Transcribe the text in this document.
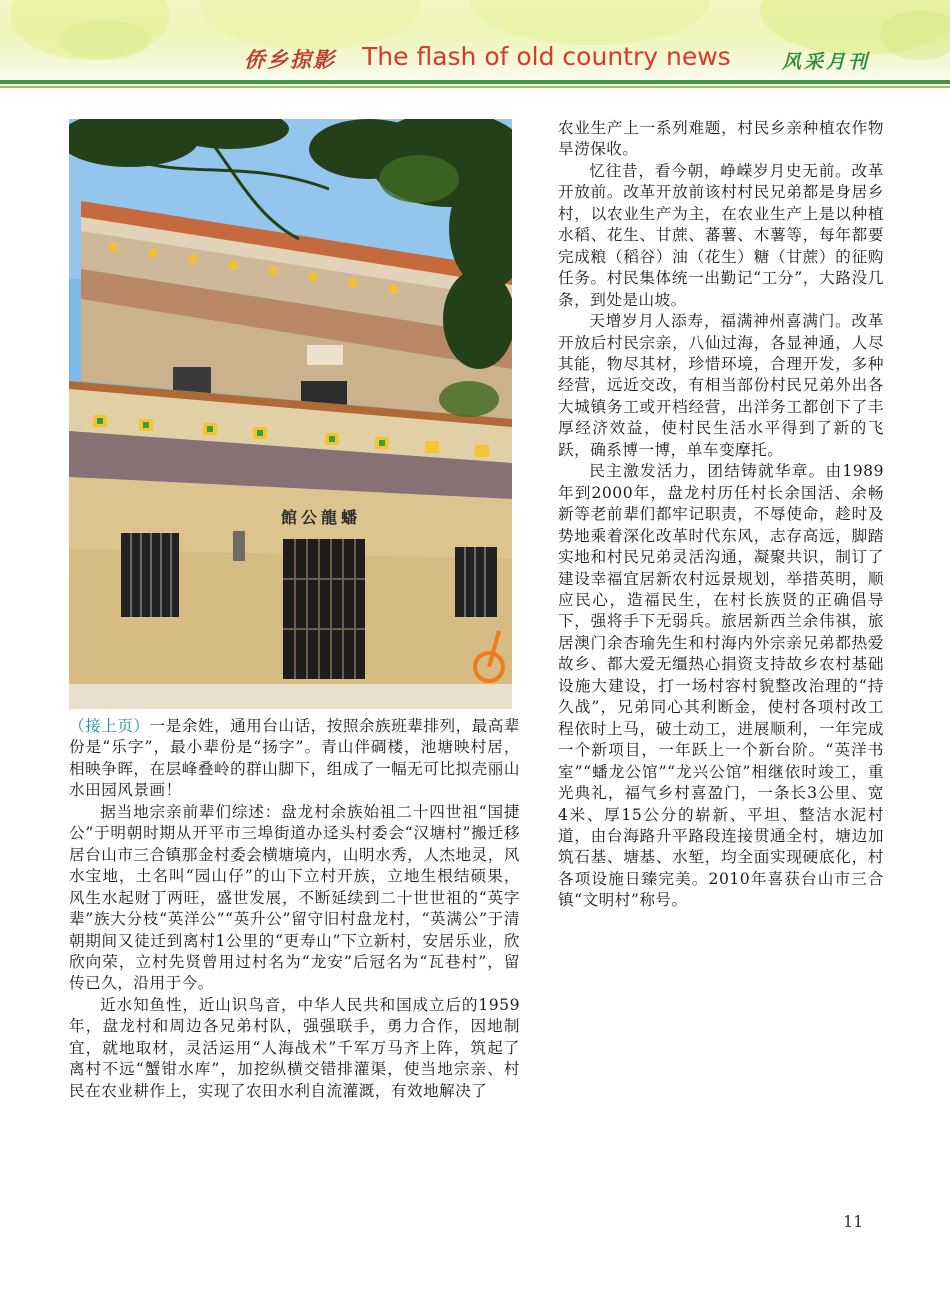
侨乡掠影 The flash of old country news	风采月刊
館公龍蟠

（接上页）一是余姓，通用台山话，按照余族班辈排列，最高辈份是“乐字”，最小辈份是“扬字”。青山伴碉楼，池塘映村居，相映争晖，在层峰叠岭的群山脚下，组成了一幅无可比拟壳丽山水田园风景画！

据当地宗亲前辈们综述：盘龙村余族始祖二十四世祖“国捷公”于明朝时期从开平市三埠街道办迳头村委会“汉塘村”搬迁移居台山市三合镇那金村委会横塘境内，山明水秀，人杰地灵，风水宝地，土名叫“园山仔”的山下立村开族，立地生根结硕果，风生水起财丁两旺，盛世发展，不断延续到二十世世祖的“英字辈”族大分枝“英洋公”“英升公”留守旧村盘龙村，“英满公”于清朝期间又徒迁到离村1公里的“更寿山”下立新村，安居乐业，欣欣向荣，立村先贤曾用过村名为“龙安”后冠名为“瓦巷村”，留传已久，沿用于今。

近水知鱼性，近山识鸟音，中华人民共和国成立后的1959年，盘龙村和周边各兄弟村队，强强联手，勇力合作，因地制宜，就地取材，灵活运用“人海战术”千军万马齐上阵，筑起了离村不远“蟹钳水库”，加挖纵横交错排灌渠，使当地宗亲、村民在农业耕作上，实现了农田水利自流灌溉，有效地解决了

农业生产上一系列难题，村民乡亲种植农作物旱涝保收。

忆往昔，看今朝，峥嵘岁月史无前。改革开放前。改革开放前该村村民兄弟都是身居乡村，以农业生产为主，在农业生产上是以种植水稻、花生、甘蔗、蕃薯、木薯等，每年都要完成粮（稻谷）油（花生）糖（甘蔗）的征购任务。村民集体统一出勤记“工分”，大路没几条，到处是山坡。

天增岁月人添寿，福满神州喜满门。改革开放后村民宗亲，八仙过海，各显神通，人尽其能，物尽其材，珍惜环境，合理开发，多种经营，远近交改，有相当部份村民兄弟外出各大城镇务工或开档经营，出洋务工都创下了丰厚经济效益，使村民生活水平得到了新的飞跃，确系博一博，单车变摩托。

民主激发活力，团结铸就华章。由1989年到2000年，盘龙村历任村长余国活、余畅新等老前辈们都牢记职责，不辱使命，趁时及势地乘着深化改革时代东风，志存高远，脚踏实地和村民兄弟灵活沟通，凝聚共识，制订了建设幸福宜居新农村远景规划，举措英明，顺应民心，造福民生，在村长族贤的正确倡导下，强将手下无弱兵。旅居新西兰余伟祺，旅居澳门余杏瑜先生和村海内外宗亲兄弟都热爱故乡、都大爱无缰热心捐资支持故乡农村基础设施大建设，打一场村容村貌整改治理的“持久战”，兄弟同心其利断金，使村各项村改工程依时上马，破土动工，进展顺利，一年完成一个新项目，一年跃上一个新台阶。“英洋书室”“蟠龙公馆”“龙兴公馆”相继依时竣工，重光典礼，福气乡村喜盈门，一条长3公里、宽4米、厚15公分的崭新、平坦、整洁水泥村道，由台海路升平路段连接贯通全村，塘边加筑石基、塘基、水堑，均全面实现硬底化，村各项设施日臻完美。2010年喜获台山市三合镇“文明村”称号。

11
